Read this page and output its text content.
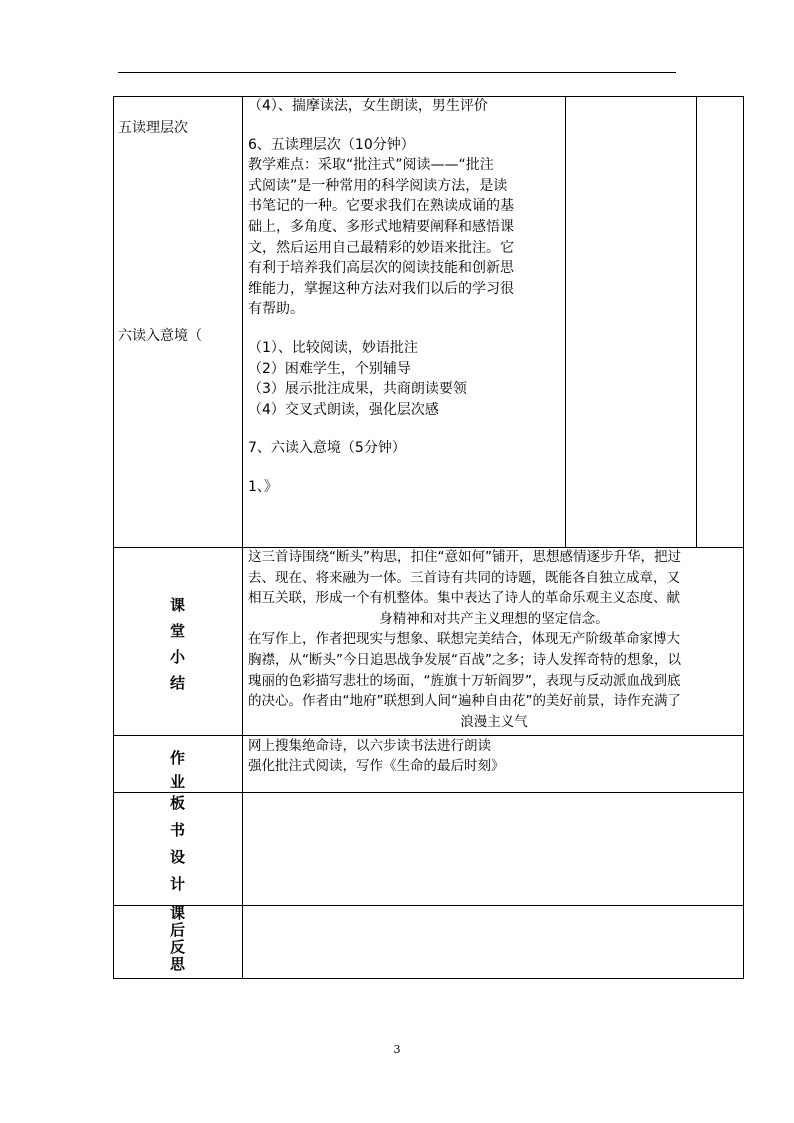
五读理层次
六读入意境（

（4）、揣摩读法，女生朗读，男生评价

6、五读理层次（10分钟）

教学难点：采取“批注式”阅读——“批注

式阅读”是一种常用的科学阅读方法，是读

书笔记的一种。它要求我们在熟读成诵的基

础上，多角度、多形式地精要阐释和感悟课

文，然后运用自己最精彩的妙语来批注。它

有利于培养我们高层次的阅读技能和创新思

维能力，掌握这种方法对我们以后的学习很

有帮助。

（1）、比较阅读，妙语批注

（2）困难学生，个别辅导

（3）展示批注成果，共商朗读要领

（4）交叉式朗读，强化层次感

7、六读入意境（5分钟）

1、》

课
堂
小
结

这三首诗围绕“断头”构思，扣住“意如何”铺开，思想感情逐步升华，把过

去、现在、将来融为一体。三首诗有共同的诗题，既能各自独立成章，又

相互关联，形成一个有机整体。集中表达了诗人的革命乐观主义态度、献

身精神和对共产主义理想的坚定信念。

在写作上，作者把现实与想象、联想完美结合，体现无产阶级革命家博大

胸襟，从“断头”今日追思战争发展“百战”之多；诗人发挥奇特的想象，以

瑰丽的色彩描写悲壮的场面，“旌旗十万斩阎罗”，表现与反动派血战到底

的决心。作者由“地府”联想到人间“遍种自由花”的美好前景，诗作充满了

浪漫主义气

作
业

网上搜集绝命诗，以六步读书法进行朗读

强化批注式阅读，写作《生命的最后时刻》

板
书
设
计
课
后
反
思
3
